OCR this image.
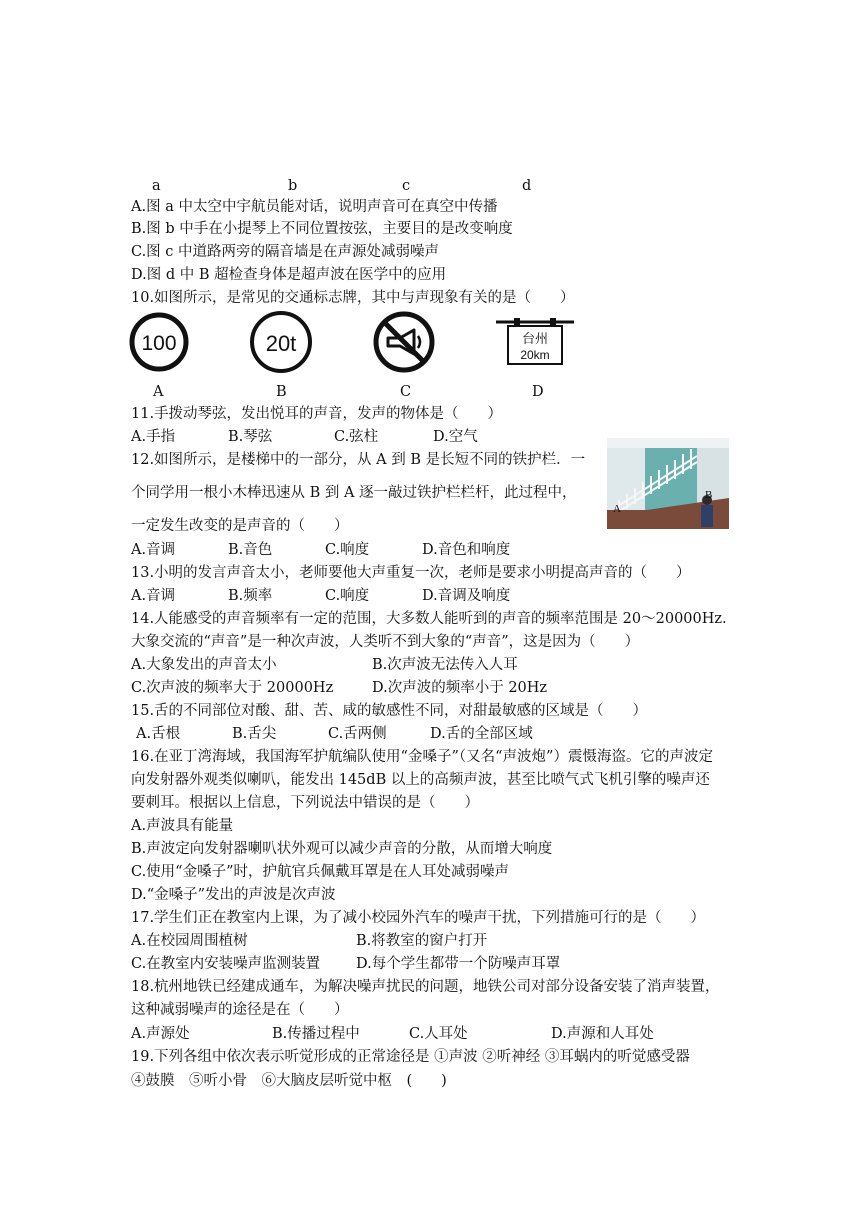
a	b	c	d
A.图 a 中太空中宇航员能对话，说明声音可在真空中传播
B.图 b 中手在小提琴上不同位置按弦，主要目的是改变响度
C.图 c 中道路两旁的隔音墙是在声源处减弱噪声
D.图 d 中 B 超检查身体是超声波在医学中的应用
10.如图所示，是常见的交通标志牌，其中与声现象有关的是（　　）
100	20t	台州
20km
A	B	C	D
11.手拨动琴弦，发出悦耳的声音，发声的物体是（　　）
A.手指	B.琴弦	C.弦柱	D.空气
A
B
12.如图所示，是楼梯中的一部分，从 A 到 B 是长短不同的铁护栏．一
个同学用一根小木棒迅速从 B 到 A 逐一敲过铁护栏栏杆，此过程中，
一定发生改变的是声音的（　　）
A.音调	B.音色	C.响度	D.音色和响度
13.小明的发言声音太小，老师要他大声重复一次，老师是要求小明提高声音的（　　）
A.音调	B.频率	C.响度	D.音调及响度
14.人能感受的声音频率有一定的范围，大多数人能听到的声音的频率范围是 20～20000Hz.
大象交流的“声音”是一种次声波，人类听不到大象的“声音”，这是因为（　　）
A.大象发出的声音太小	B.次声波无法传入人耳
C.次声波的频率大于 20000Hz	D.次声波的频率小于 20Hz
15.舌的不同部位对酸、甜、苦、咸的敏感性不同，对甜最敏感的区域是（　　）
A.舌根	B.舌尖	C.舌两侧	D.舌的全部区域
16.在亚丁湾海域，我国海军护航编队使用“金嗓子”（又名“声波炮”）震慑海盗。它的声波定
向发射器外观类似喇叭，能发出 145dB 以上的高频声波，甚至比喷气式飞机引擎的噪声还
要刺耳。根据以上信息，下列说法中错误的是（　　）
A.声波具有能量
B.声波定向发射器喇叭状外观可以减少声音的分散，从而增大响度
C.使用“金嗓子”时，护航官兵佩戴耳罩是在人耳处减弱噪声
D.“金嗓子”发出的声波是次声波
17.学生们正在教室内上课，为了减小校园外汽车的噪声干扰，下列措施可行的是（　　）
A.在校园周围植树	B.将教室的窗户打开
C.在教室内安装噪声监测装置 D.每个学生都带一个防噪声耳罩
18.杭州地铁已经建成通车，为解决噪声扰民的问题，地铁公司对部分设备安装了消声装置，
这种减弱噪声的途径是在（　　）
A.声源处	B.传播过程中	C.人耳处	D.声源和人耳处
19.下列各组中依次表示听觉形成的正常途径是 ①声波 ②听神经 ③耳蜗内的听觉感受器
④鼓膜　⑤听小骨　⑥大脑皮层听觉中枢　(　　)
